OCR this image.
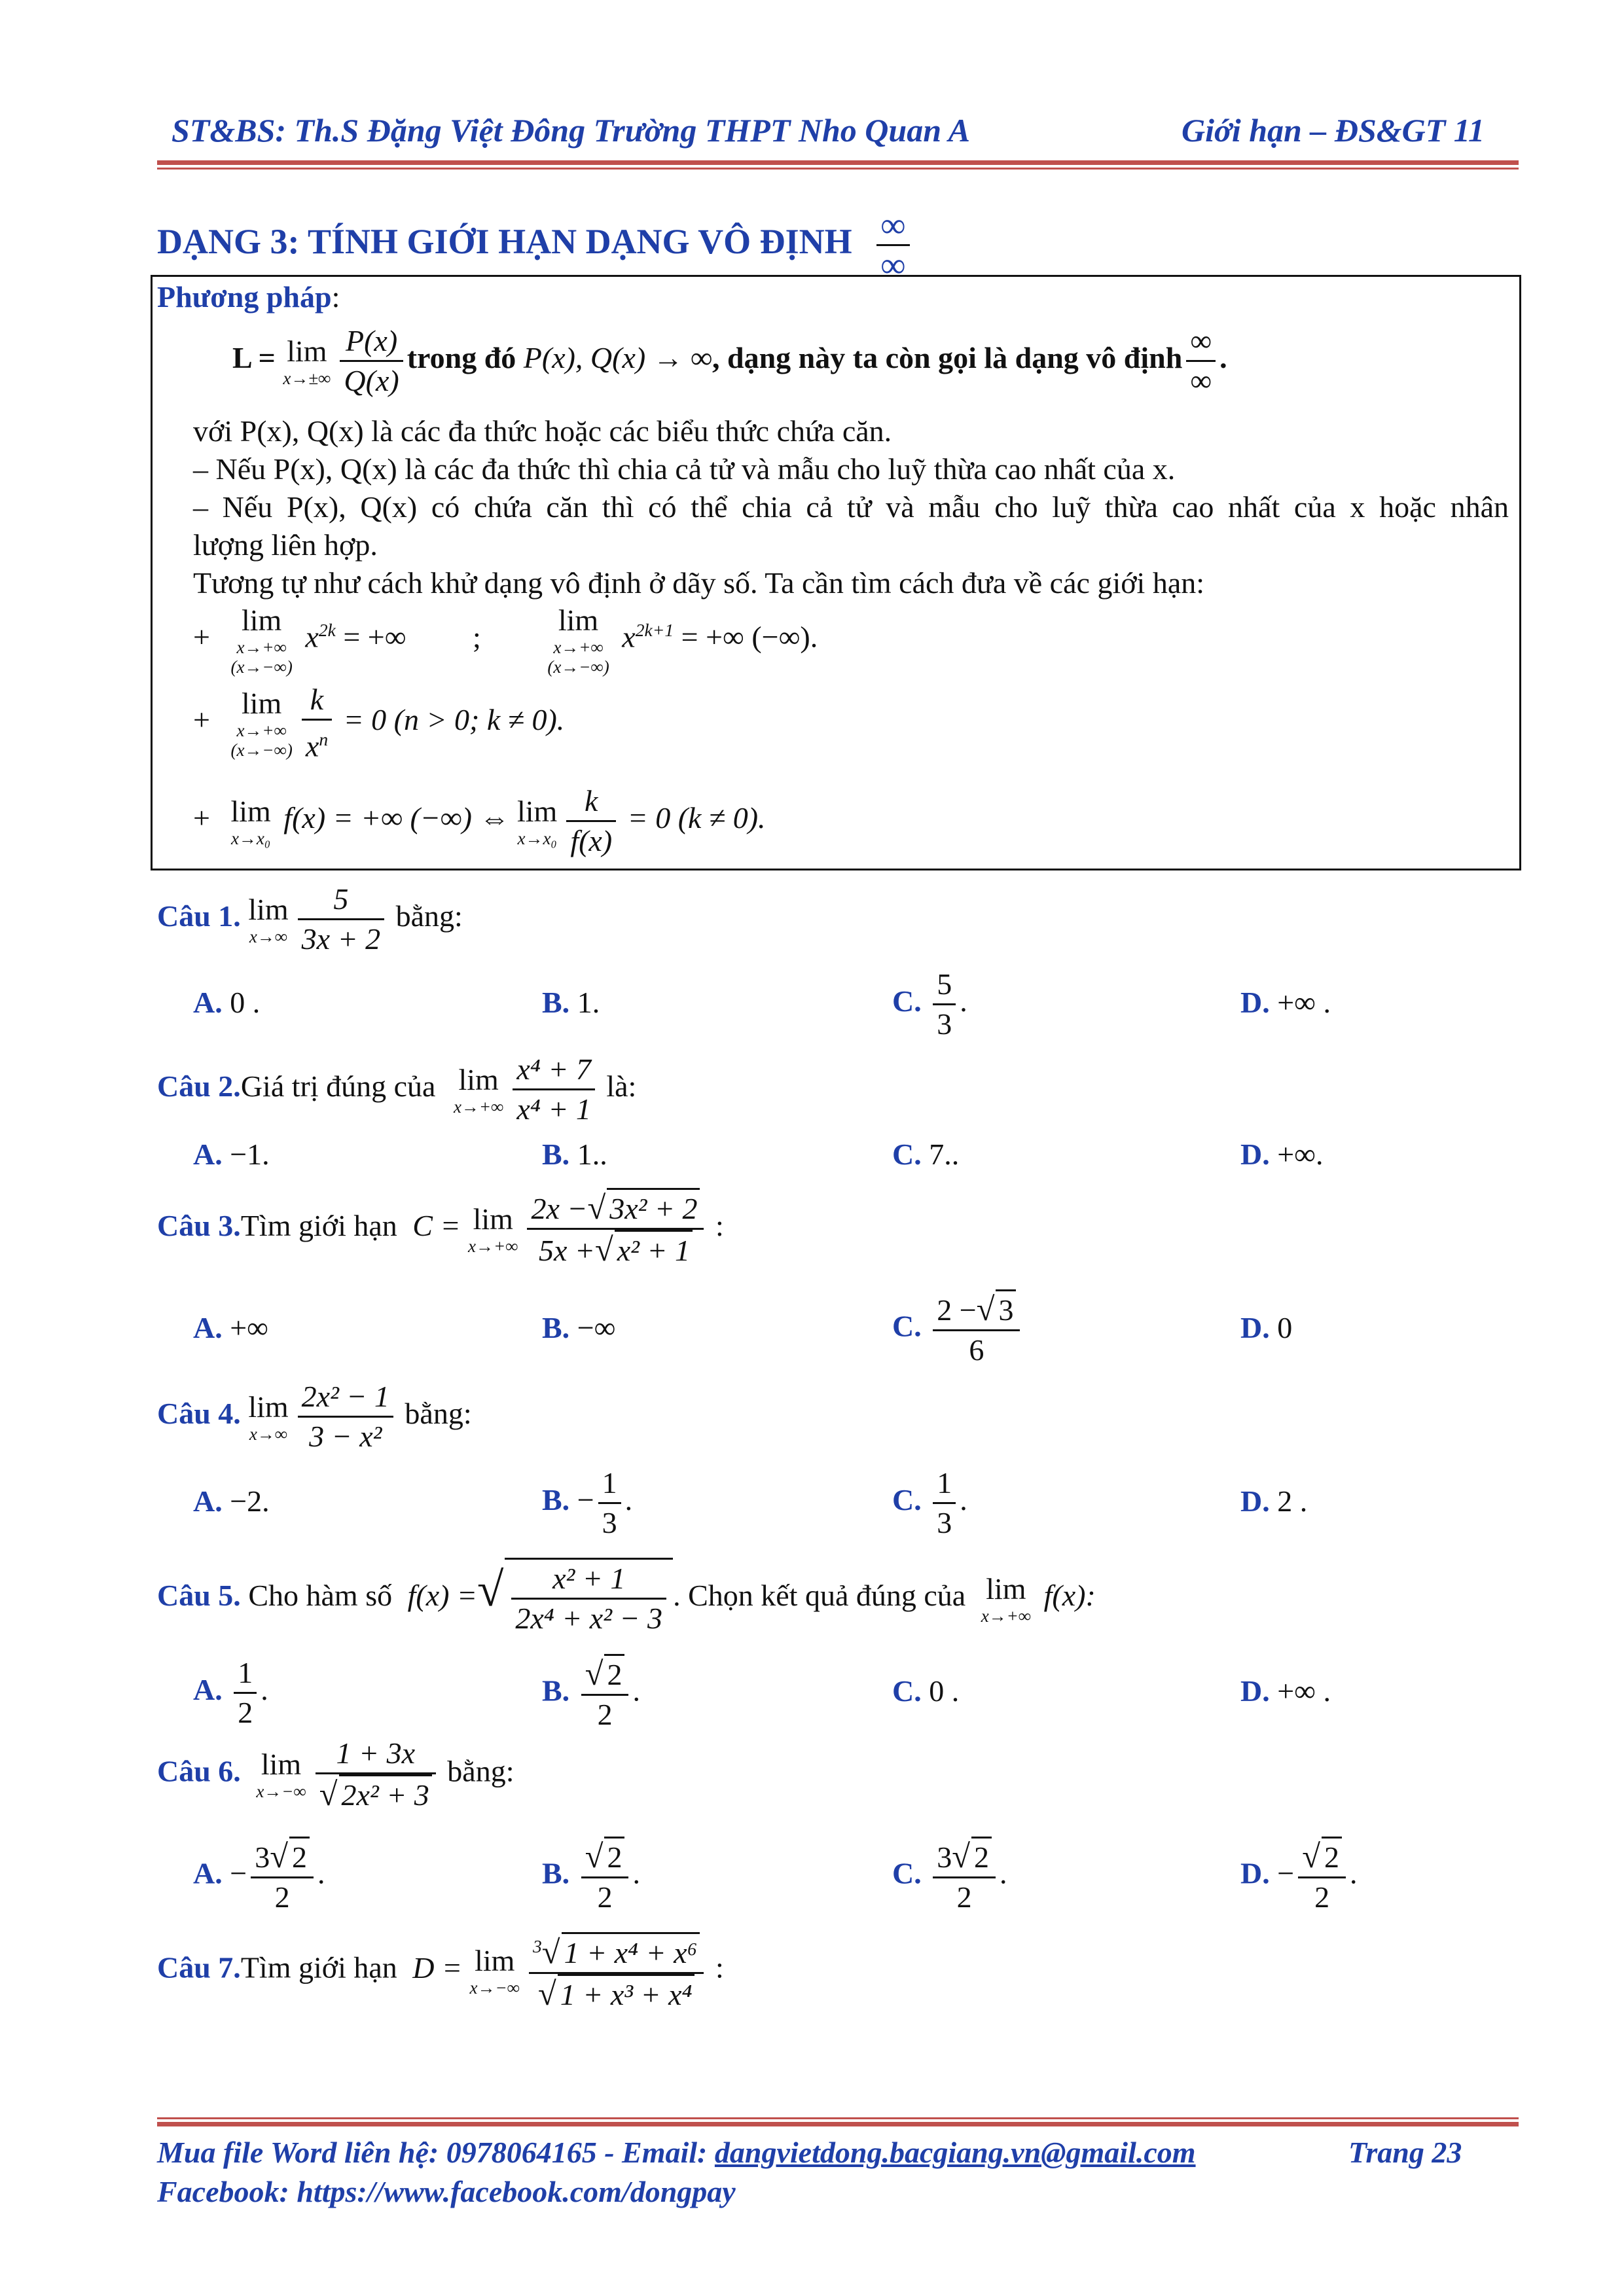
ST&BS: Th.S Đặng Việt Đông Trường THPT Nho Quan A	Giới hạn – ĐS&GT 11
DẠNG 3: TÍNH GIỚI HẠN DẠNG VÔ ĐỊNH $\frac{\infty}{\infty}$
Phương pháp:
L = lim
$x\to\pm\infty \frac{P(x)}{Q(x)}$ trong đó P(x), Q(x) → ∞, dạng này ta còn gọi là dạng vô định $\frac{\infty}{\infty}$ .
với P(x), Q(x) là các đa thức hoặc các biểu thức chứa căn.
– Nếu P(x), Q(x) là các đa thức thì chia cả tử và mẫu cho luỹ thừa cao nhất của x.
– Nếu P(x), Q(x) có chứa căn thì có thể chia cả tử và mẫu cho luỹ thừa cao nhất của x hoặc nhân
lượng liên hợp.
Tương tự như cách khử dạng vô định ở dãy số. Ta cần tìm cách đưa về các giới hạn:
+
lim
x→+∞
(x→−∞)
$x^{2k}$ = +∞ ;
lim
x→+∞
(x→−∞)
$x^{2k+1}$ = +∞ (−∞).
+
lim
x→+∞
$(x\to-\infty) \frac{k}{x^n} = 0$ (n > 0; k ≠ 0).
+ lim
x→x₀
f(x) = +∞ (−∞) ⇔ lim
$x\to x_0 \frac{k}{f(x)} = 0$ (k ≠ 0).
Câu 1. lim
$x\to\infty \frac{5}{3x + 2}$ bằng:
A. 0 .	B. 1.	C. $\frac{5}{3}$ .	D. +∞ .
Câu 2.Giá trị đúng của lim
$x\to+\infty \frac{\text{x⁴ + 7}}{\text{x⁴ + 1}}$ là:
A. −1.	B. 1..	C. 7..	D. +∞.
Câu 3.Tìm giới hạn C = lim
$x\to+\infty \frac{\text{2x −√ 3x² + 2}}{\text{5x +√ x² + 1}}$ :
A. +∞	B. −∞	C. $\frac{2 -√ 3}{6}$	D. 0
Câu 4. lim
$x\to\infty \frac{\text{2x² − 1}}{\text{3 − x²}}$ bằng:
A. −2.	B. − $\frac{1}{3}$ .	C. $\frac{1}{3}$ .	D. 2 .
Câu 5. Cho hàm số f(x) =√ $\frac{\text{x² + 1}}{\text{2x⁴ + x² − 3}}$ . Chọn kết quả đúng của lim
x→+∞
f(x):
A. $\frac{1}{2}$ .	B. $\frac{√ 2}{2}$ .	C. 0 .	D. +∞ .
Câu 6. lim
$x\to-\infty \frac{1 + 3x}{\text{√ 2x² + 3}}$ bằng:
A. − $\frac{3√ 2}{2}$ .	B. $\frac{√ 2}{2}$ .	C. $\frac{3√ 2}{2}$ .	D. − $\frac{√ 2}{2}$ .
Câu 7.Tìm giới hạn D = lim
$x\to-\infty \frac{^3√ 1 + x^4 + x^6}{\text{√ 1 + x³ + x⁴}}$ :
Mua file Word liên hệ: 0978064165 - Email: dangvietdong.bacgiang.vn@gmail.com	Trang 23
Facebook: https://www.facebook.com/dongpay
